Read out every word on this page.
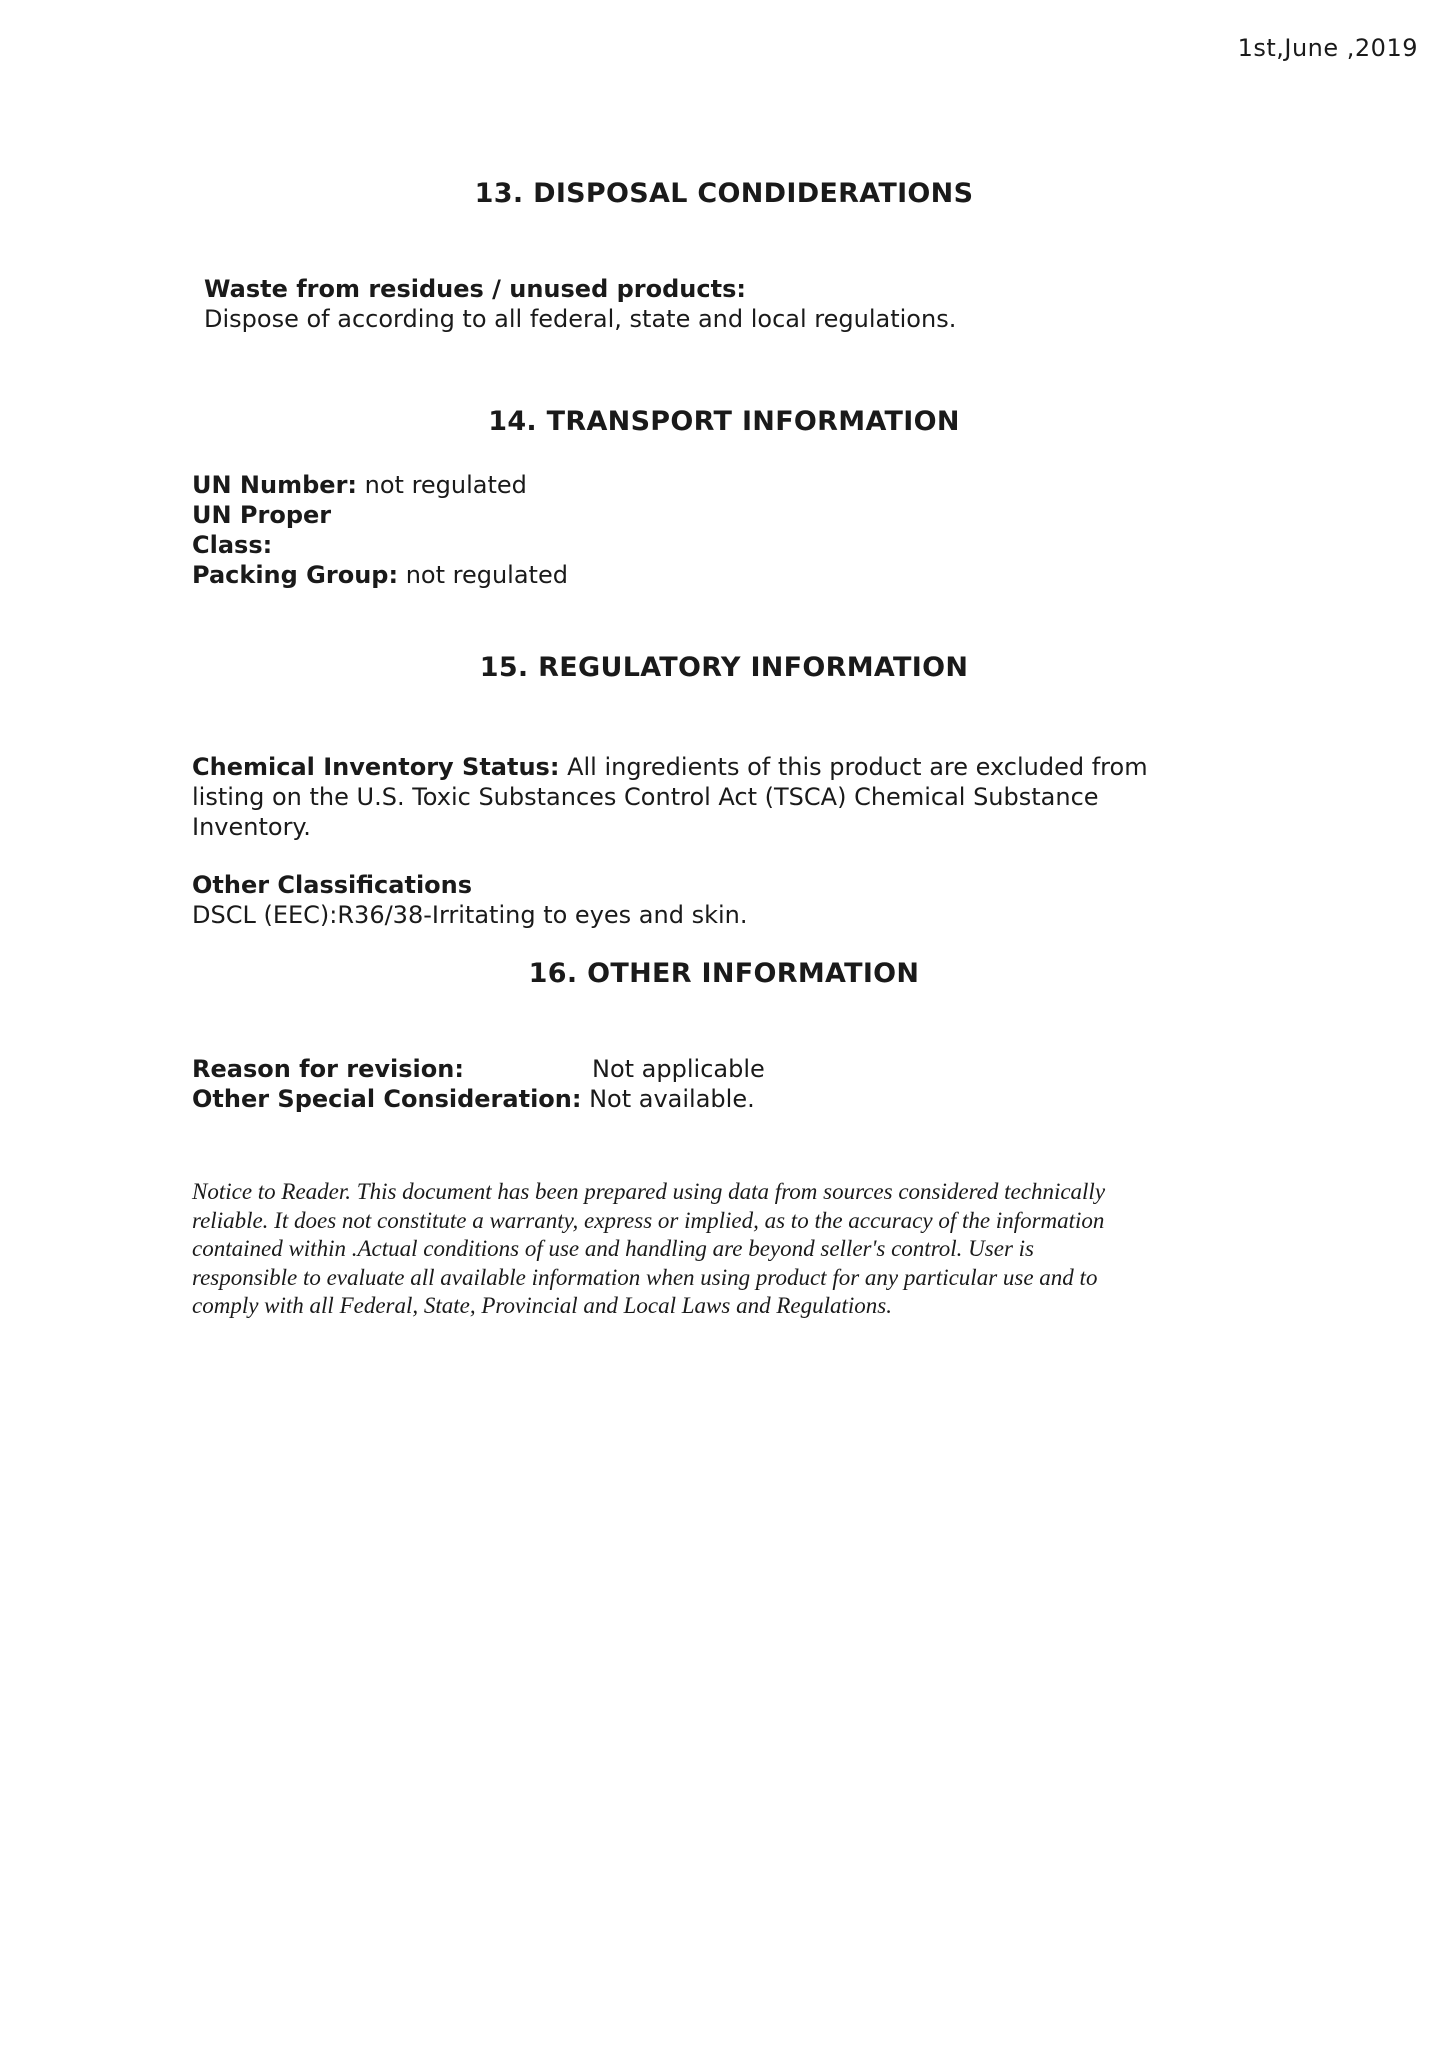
1st,June ,2019
13. DISPOSAL CONDIDERATIONS
Waste from residues / unused products:
Dispose of according to all federal, state and local regulations.
14. TRANSPORT INFORMATION
UN Number: not regulated
UN Proper
Class:
Packing Group: not regulated
15. REGULATORY INFORMATION
Chemical Inventory Status: All ingredients of this product are excluded from
listing on the U.S. Toxic Substances Control Act (TSCA) Chemical Substance
Inventory.
Other Classifications
DSCL (EEC):R36/38-Irritating to eyes and skin.
16. OTHER INFORMATION
Reason for revision:	Not applicable
Other Special Consideration: Not available.
Notice to Reader. This document has been prepared using data from sources considered technically
reliable. It does not constitute a warranty, express or implied, as to the accuracy of the information
contained within .Actual conditions of use and handling are beyond seller's control. User is
responsible to evaluate all available information when using product for any particular use and to
comply with all Federal, State, Provincial and Local Laws and Regulations.
